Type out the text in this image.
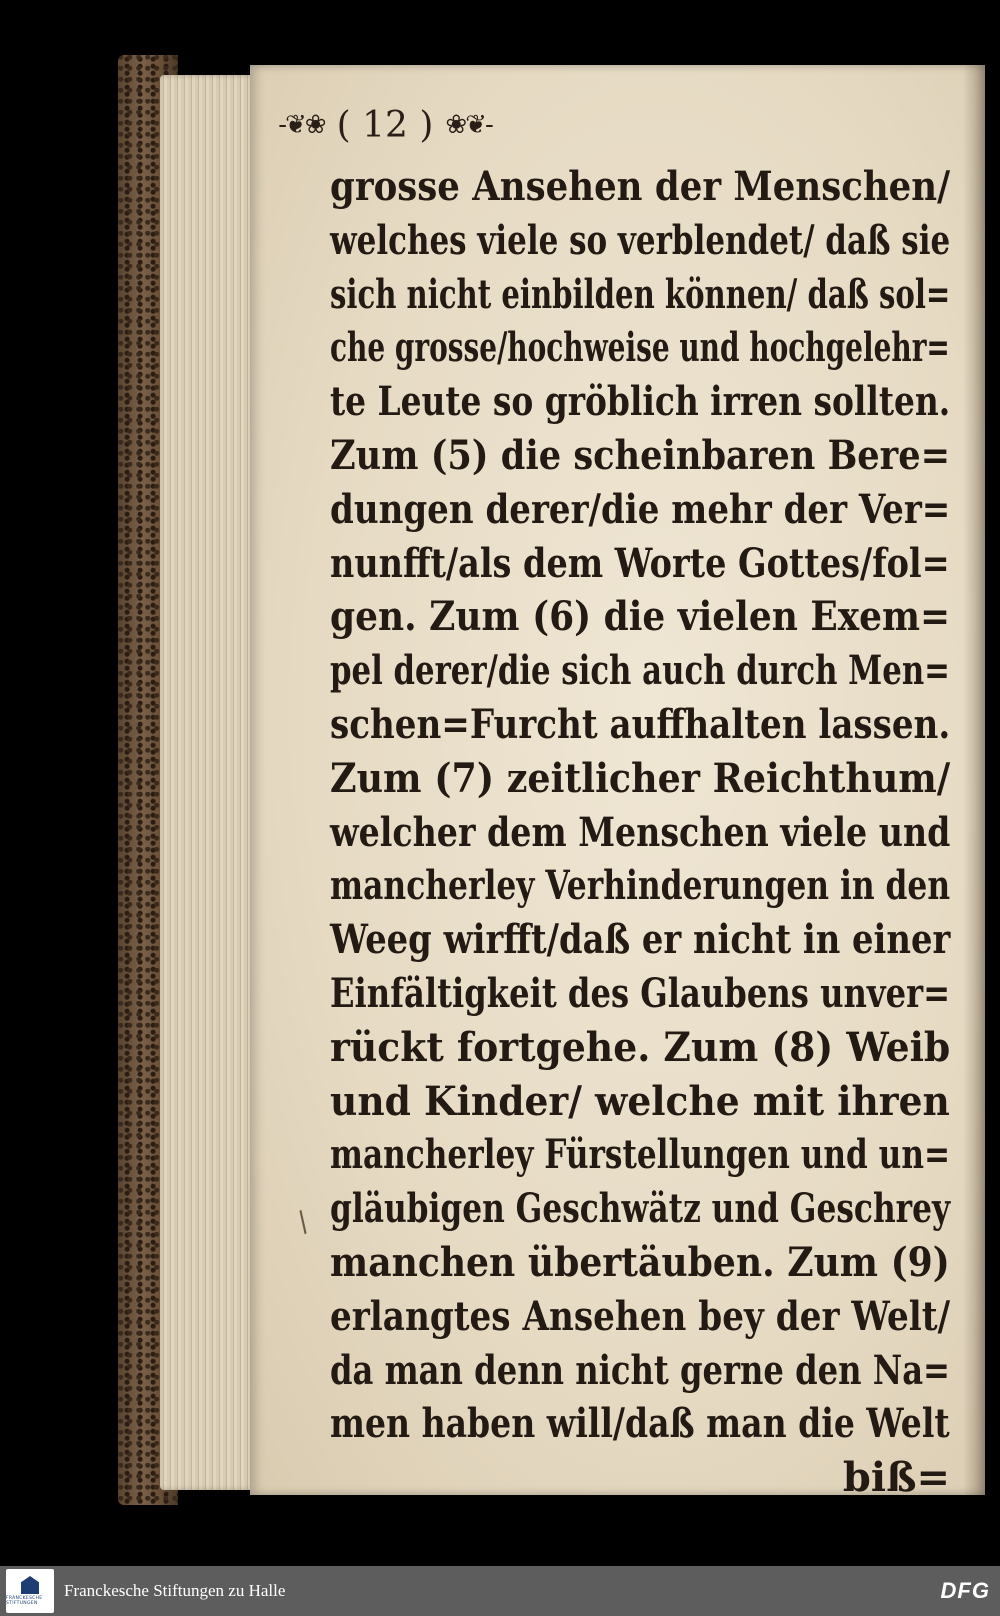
/
grosse Ansehen der Menschen/
welches viele so verblendet/ daß sie
sich nicht einbilden können/ daß sol=
che grosse/hochweise und hochgelehr=
te Leute so gröblich irren sollten.
Zum (5) die scheinbaren Bere=
dungen derer/die mehr der Ver=
nunfft/als dem Worte Gottes/fol=
gen. Zum (6) die vielen Exem=
pel derer/die sich auch durch Men=
schen=Furcht auffhalten lassen.
Zum (7) zeitlicher Reichthum/
welcher dem Menschen viele und
mancherley Verhinderungen in den
Weeg wirfft/daß er nicht in einer
Einfältigkeit des Glaubens unver=
rückt fortgehe. Zum (8) Weib
und Kinder/ welche mit ihren
mancherley Fürstellungen und un=
gläubigen Geschwätz und Geschrey
manchen übertäuben. Zum (9)
erlangtes Ansehen bey der Welt/
da man denn nicht gerne den Na=
men haben will/daß man die Welt
biß=
-❦❀ ( 12 ) ❀❦-
FRANCKESCHE STIFTUNGEN
Franckesche Stiftungen zu Halle	DFG
